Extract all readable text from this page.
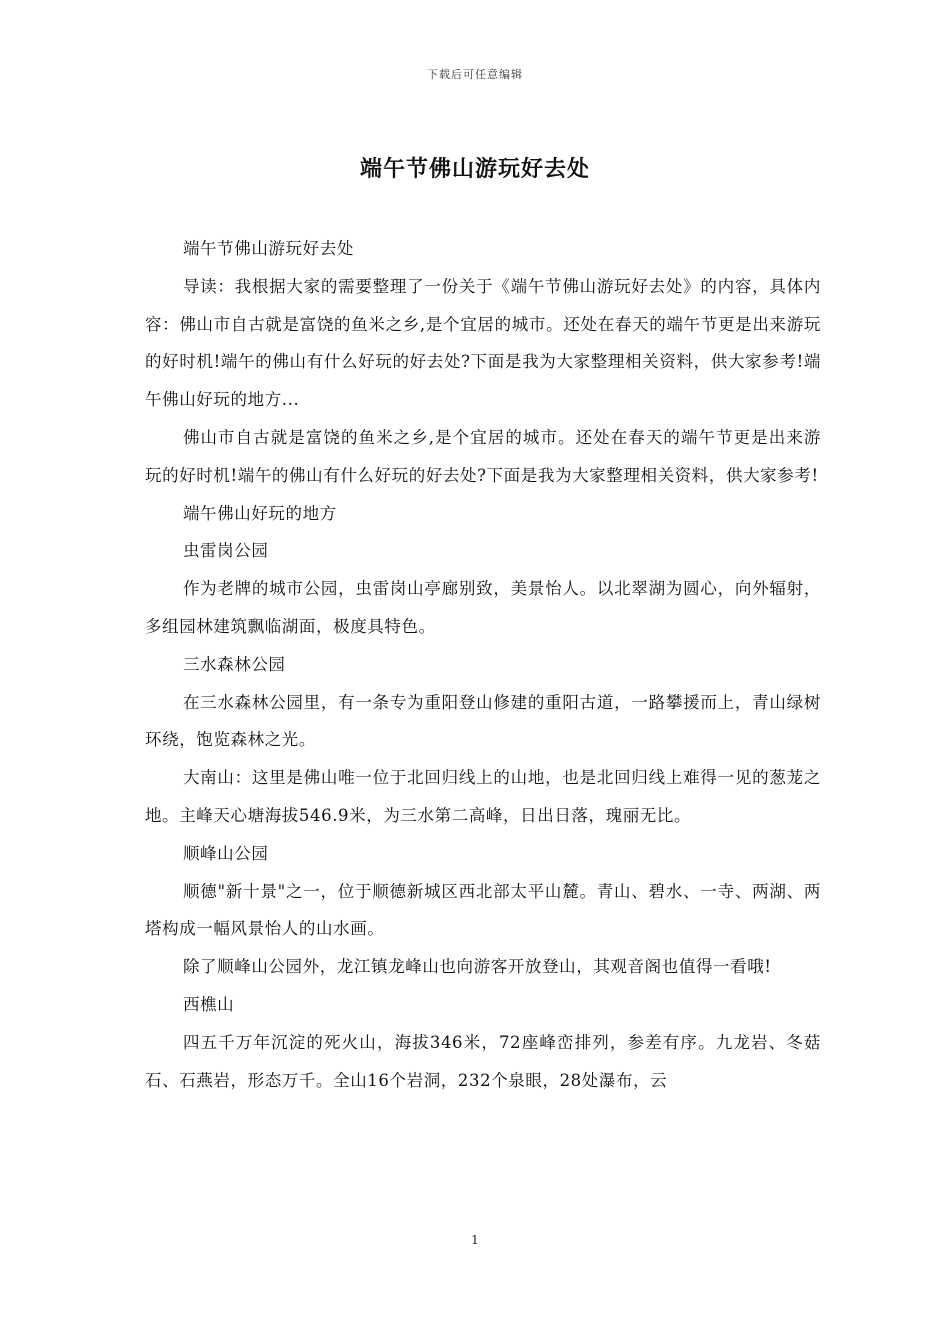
下载后可任意编辑
端午节佛山游玩好去处

端午节佛山游玩好去处

导读：我根据大家的需要整理了一份关于《端午节佛山游玩好去处》的内容，具体内容：佛山市自古就是富饶的鱼米之乡,是个宜居的城市。还处在春天的端午节更是出来游玩的好时机!端午的佛山有什么好玩的好去处?下面是我为大家整理相关资料，供大家参考!端午佛山好玩的地方...

佛山市自古就是富饶的鱼米之乡,是个宜居的城市。还处在春天的端午节更是出来游玩的好时机!端午的佛山有什么好玩的好去处?下面是我为大家整理相关资料，供大家参考!

端午佛山好玩的地方

虫雷岗公园

作为老牌的城市公园，虫雷岗山亭廊别致，美景怡人。以北翠湖为圆心，向外辐射，多组园林建筑飘临湖面，极度具特色。

三水森林公园

在三水森林公园里，有一条专为重阳登山修建的重阳古道，一路攀援而上，青山绿树环绕，饱览森林之光。

大南山：这里是佛山唯一位于北回归线上的山地，也是北回归线上难得一见的葱茏之地。主峰天心塘海拔546.9米，为三水第二高峰，日出日落，瑰丽无比。

顺峰山公园

顺德"新十景"之一，位于顺德新城区西北部太平山麓。青山、碧水、一寺、两湖、两塔构成一幅风景怡人的山水画。

除了顺峰山公园外，龙江镇龙峰山也向游客开放登山，其观音阁也值得一看哦!

西樵山

四五千万年沉淀的死火山，海拔346米，72座峰峦排列，参差有序。九龙岩、冬菇石、石燕岩，形态万千。全山16个岩洞，232个泉眼，28处瀑布，云

1
